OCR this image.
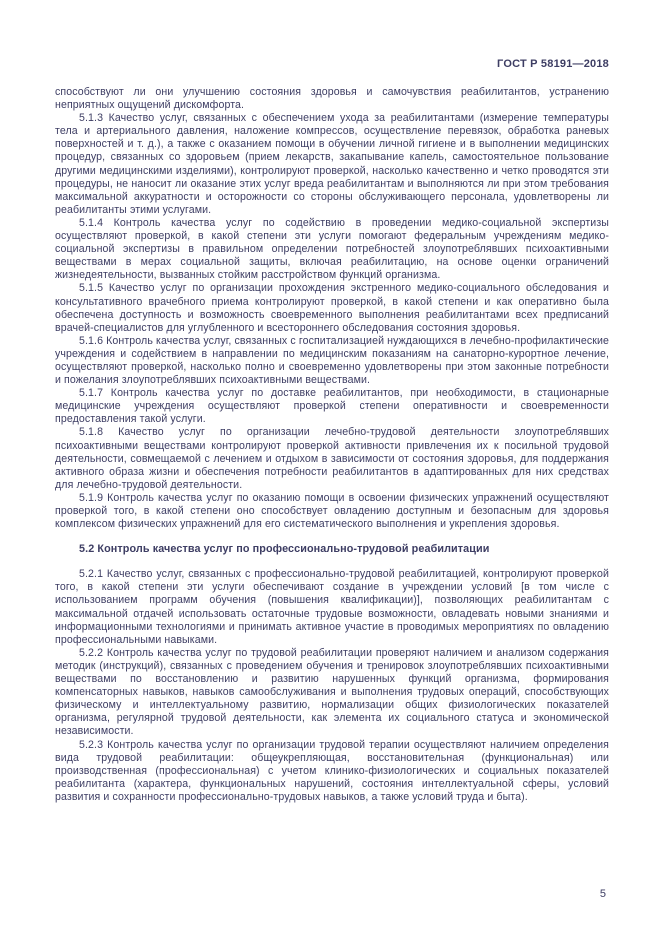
ГОСТ Р 58191—2018

способствуют ли они улучшению состояния здоровья и самочувствия реабилитантов, устранению неприятных ощущений дискомфорта.

5.1.3 Качество услуг, связанных с обеспечением ухода за реабилитантами (измерение температуры тела и артериального давления, наложение компрессов, осуществление перевязок, обработка раневых поверхностей и т. д.), а также с оказанием помощи в обучении личной гигиене и в выполнении медицинских процедур, связанных со здоровьем (прием лекарств, закапывание капель, самостоятельное пользование другими медицинскими изделиями), контролируют проверкой, насколько качественно и четко проводятся эти процедуры, не наносит ли оказание этих услуг вреда реабилитантам и выполняются ли при этом требования максимальной аккуратности и осторожности со стороны обслуживающего персонала, удовлетворены ли реабилитанты этими услугами.

5.1.4 Контроль качества услуг по содействию в проведении медико-социальной экспертизы осуществляют проверкой, в какой степени эти услуги помогают федеральным учреждениям медико-социальной экспертизы в правильном определении потребностей злоупотреблявших психоактивными веществами в мерах социальной защиты, включая реабилитацию, на основе оценки ограничений жизнедеятельности, вызванных стойким расстройством функций организма.

5.1.5 Качество услуг по организации прохождения экстренного медико-социального обследования и консультативного врачебного приема контролируют проверкой, в какой степени и как оперативно была обеспечена доступность и возможность своевременного выполнения реабилитантами всех предписаний врачей-специалистов для углубленного и всестороннего обследования состояния здоровья.

5.1.6 Контроль качества услуг, связанных с госпитализацией нуждающихся в лечебно-профилактические учреждения и содействием в направлении по медицинским показаниям на санаторно-курортное лечение, осуществляют проверкой, насколько полно и своевременно удовлетворены при этом законные потребности и пожелания злоупотреблявших психоактивными веществами.

5.1.7 Контроль качества услуг по доставке реабилитантов, при необходимости, в стационарные медицинские учреждения осуществляют проверкой степени оперативности и своевременности предоставления такой услуги.

5.1.8 Качество услуг по организации лечебно-трудовой деятельности злоупотреблявших психоактивными веществами контролируют проверкой активности привлечения их к посильной трудовой деятельности, совмещаемой с лечением и отдыхом в зависимости от состояния здоровья, для поддержания активного образа жизни и обеспечения потребности реабилитантов в адаптированных для них средствах для лечебно-трудовой деятельности.

5.1.9 Контроль качества услуг по оказанию помощи в освоении физических упражнений осуществляют проверкой того, в какой степени оно способствует овладению доступным и безопасным для здоровья комплексом физических упражнений для его систематического выполнения и укрепления здоровья.

5.2 Контроль качества услуг по профессионально-трудовой реабилитации

5.2.1 Качество услуг, связанных с профессионально-трудовой реабилитацией, контролируют проверкой того, в какой степени эти услуги обеспечивают создание в учреждении условий [в том числе с использованием программ обучения (повышения квалификации)], позволяющих реабилитантам с максимальной отдачей использовать остаточные трудовые возможности, овладевать новыми знаниями и информационными технологиями и принимать активное участие в проводимых мероприятиях по овладению профессиональными навыками.

5.2.2 Контроль качества услуг по трудовой реабилитации проверяют наличием и анализом содержания методик (инструкций), связанных с проведением обучения и тренировок злоупотреблявших психоактивными веществами по восстановлению и развитию нарушенных функций организма, формирования компенсаторных навыков, навыков самообслуживания и выполнения трудовых операций, способствующих физическому и интеллектуальному развитию, нормализации общих физиологических показателей организма, регулярной трудовой деятельности, как элемента их социального статуса и экономической независимости.

5.2.3 Контроль качества услуг по организации трудовой терапии осуществляют наличием определения вида трудовой реабилитации: общеукрепляющая, восстановительная (функциональная) или производственная (профессиональная) с учетом клинико-физиологических и социальных показателей реабилитанта (характера, функциональных нарушений, состояния интеллектуальной сферы, условий развития и сохранности профессионально-трудовых навыков, а также условий труда и быта).

5
